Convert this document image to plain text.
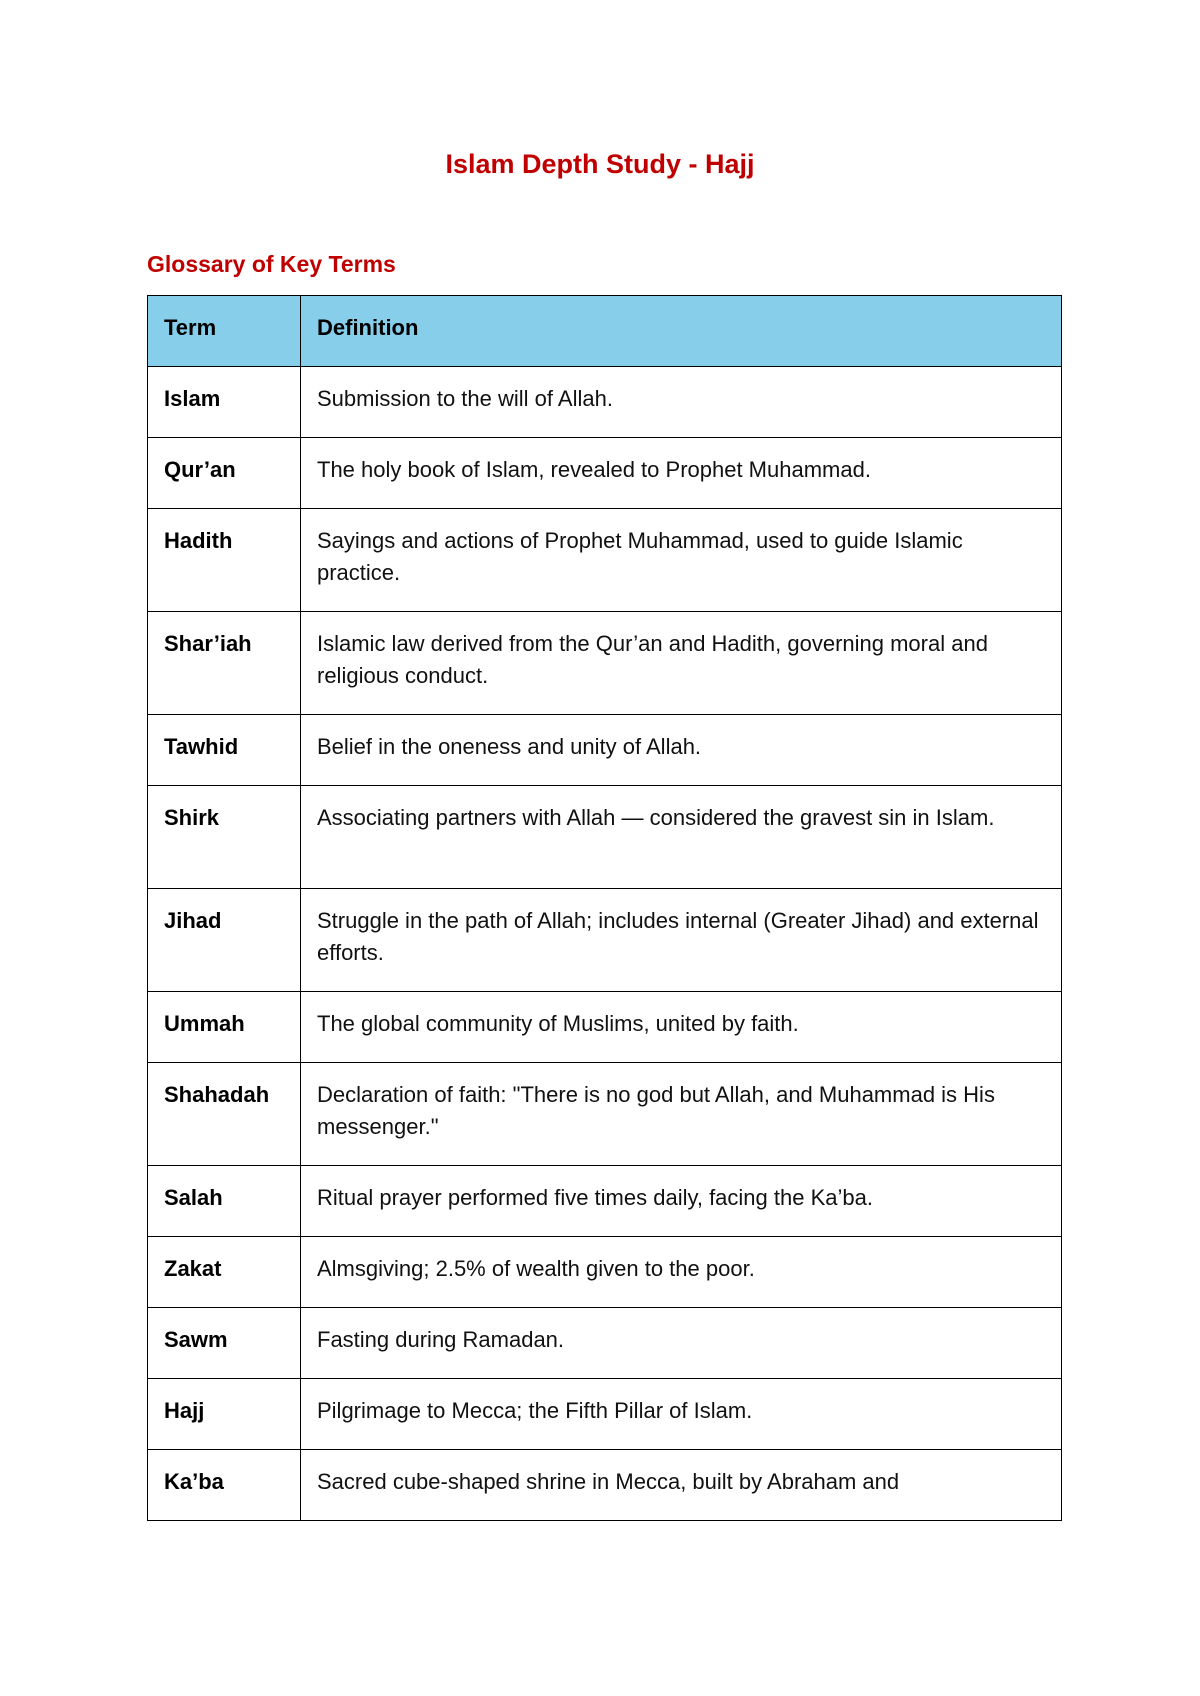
Islam Depth Study - Hajj
Glossary of Key Terms
Term	Definition
Islam	Submission to the will of Allah.
Qur’an	The holy book of Islam, revealed to Prophet Muhammad.
Hadith	Sayings and actions of Prophet Muhammad, used to guide Islamic practice.
Shar’iah	Islamic law derived from the Qur’an and Hadith, governing moral and religious conduct.
Tawhid	Belief in the oneness and unity of Allah.
Shirk	Associating partners with Allah — considered the gravest sin in Islam.
Jihad	Struggle in the path of Allah; includes internal (Greater Jihad) and external efforts.
Ummah	The global community of Muslims, united by faith.
Shahadah	Declaration of faith: "There is no god but Allah, and Muhammad is His messenger."
Salah	Ritual prayer performed five times daily, facing the Ka’ba.
Zakat	Almsgiving; 2.5% of wealth given to the poor.
Sawm	Fasting during Ramadan.
Hajj	Pilgrimage to Mecca; the Fifth Pillar of Islam.
Ka’ba	Sacred cube-shaped shrine in Mecca, built by Abraham and
